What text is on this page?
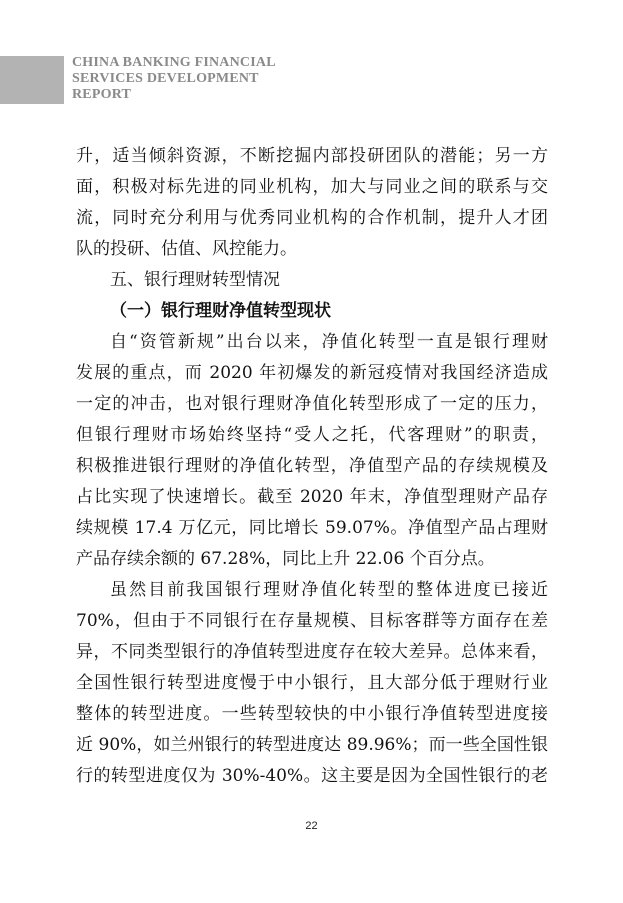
CHINA BANKING FINANCIAL
SERVICES DEVELOPMENT
REPORT
升，适当倾斜资源，不断挖掘内部投研团队的潜能；另一方
面，积极对标先进的同业机构，加大与同业之间的联系与交
流，同时充分利用与优秀同业机构的合作机制，提升人才团
队的投研、估值、风控能力。
五、银行理财转型情况
（一）银行理财净值转型现状
自“资管新规”出台以来，净值化转型一直是银行理财
发展的重点，而 2020 年初爆发的新冠疫情对我国经济造成
一定的冲击，也对银行理财净值化转型形成了一定的压力，
但银行理财市场始终坚持“受人之托，代客理财”的职责，
积极推进银行理财的净值化转型，净值型产品的存续规模及
占比实现了快速增长。截至 2020 年末，净值型理财产品存
续规模 17.4 万亿元，同比增长 59.07%。净值型产品占理财
产品存续余额的 67.28%，同比上升 22.06 个百分点。
虽然目前我国银行理财净值化转型的整体进度已接近
70%，但由于不同银行在存量规模、目标客群等方面存在差
异，不同类型银行的净值转型进度存在较大差异。总体来看，
全国性银行转型进度慢于中小银行，且大部分低于理财行业
整体的转型进度。一些转型较快的中小银行净值转型进度接
近 90%，如兰州银行的转型进度达 89.96%；而一些全国性银
行的转型进度仅为 30%-40%。这主要是因为全国性银行的老
22
